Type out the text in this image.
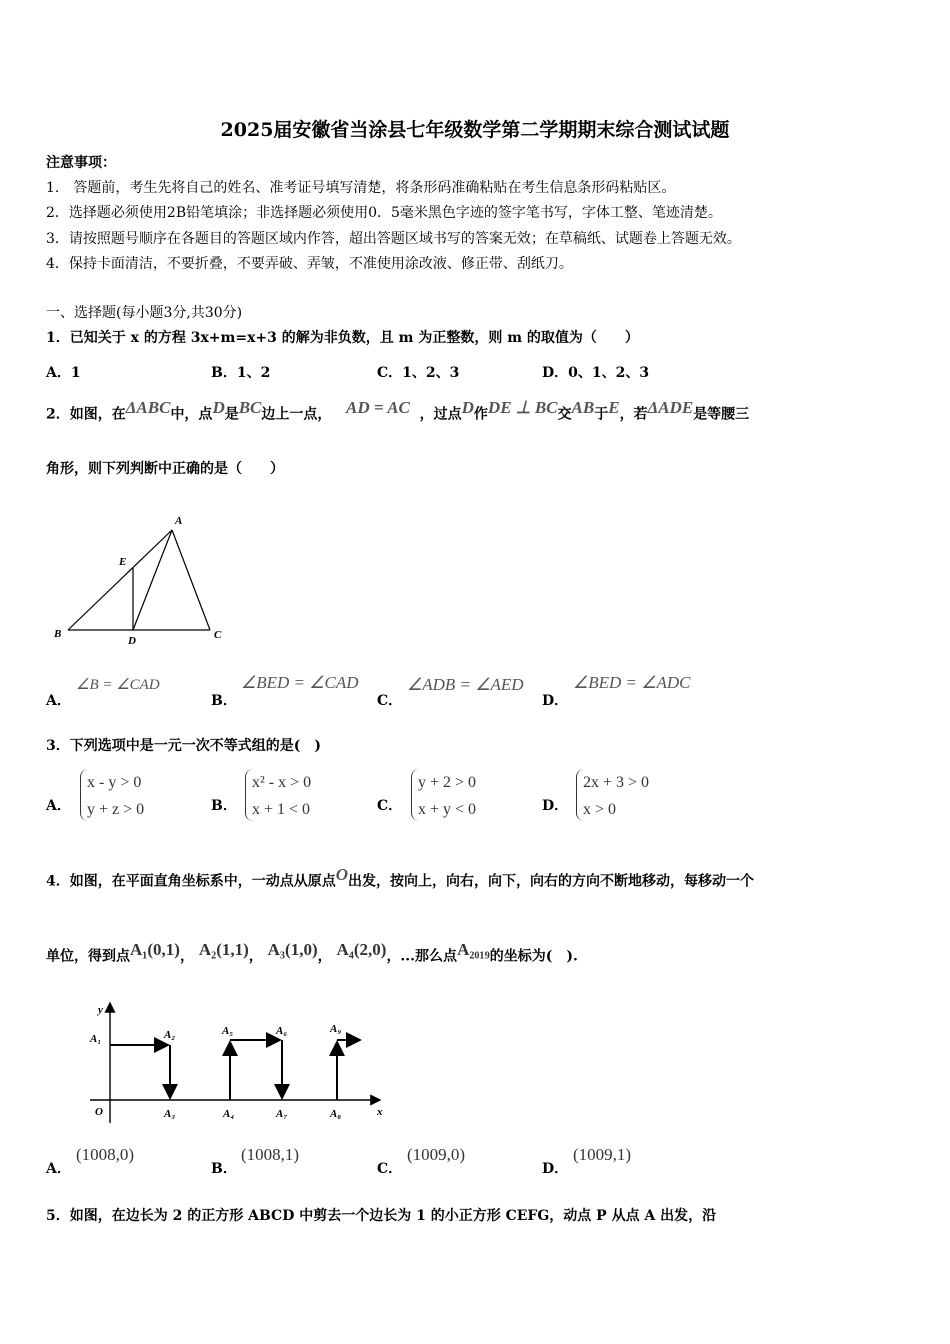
2025届安徽省当涂县七年级数学第二学期期末综合测试试题
注意事项：
1.　答题前，考生先将自己的姓名、准考证号填写清楚，将条形码准确粘贴在考生信息条形码粘贴区。
2．选择题必须使用2B铅笔填涂；非选择题必须使用0．5毫米黑色字迹的签字笔书写，字体工整、笔迹清楚。
3．请按照题号顺序在各题目的答题区域内作答，超出答题区域书写的答案无效；在草稿纸、试题卷上答题无效。
4．保持卡面清洁，不要折叠，不要弄破、弄皱，不准使用涂改液、修正带、刮纸刀。
一、选择题(每小题3分,共30分)
1．已知关于 x 的方程 3x+m=x+3 的解为非负数，且 m 为正整数，则 m 的取值为（　　）
A．1	B．1、2	C．1、2、3	D．0、1、2、3
2．如图，在$^{\Delta ABC}$中，点$^D$是$^{BC}$边上一点， $^{AD = AC}$ ，过点$^D$作$^{DE \perp BC}$交$^{AB}$于$^E$，若$^{\Delta ADE}$是等腰三
角形，则下列判断中正确的是（　　）
A
B	C
D
E
A．
∠B = ∠CAD
B．
∠BED = ∠CAD
C．
∠ADB = ∠AED
D．
∠BED = ∠ADC
3．下列选项中是一元一次不等式组的是(　)
A．
x - y > 0
y + z > 0	B．
x² - x > 0
x + 1 < 0	C．
y + 2 > 0
x + y < 0	D．
2x + 3 > 0
x > 0
4．如图，在平面直角坐标系中，一动点从原点$^O$出发，按向上，向右，向下，向右的方向不断地移动，每移动一个
单位，得到点$^{A_1(0,1)}$， $^{A_2(1,1)}$， $^{A_3(1,0)}$， $^{A_4(2,0)}$，...那么点$^{A_{2019}}$的坐标为(　).
y
x
O
A₁	A₂
A₃	A₄
A₅	A₆
A₇	A₈
A₉
A．
(1008,0)
B．
(1008,1)
C．
(1009,0)
D．
(1009,1)
5．如图，在边长为 2 的正方形 ABCD 中剪去一个边长为 1 的小正方形 CEFG，动点 P 从点 A 出发，沿
